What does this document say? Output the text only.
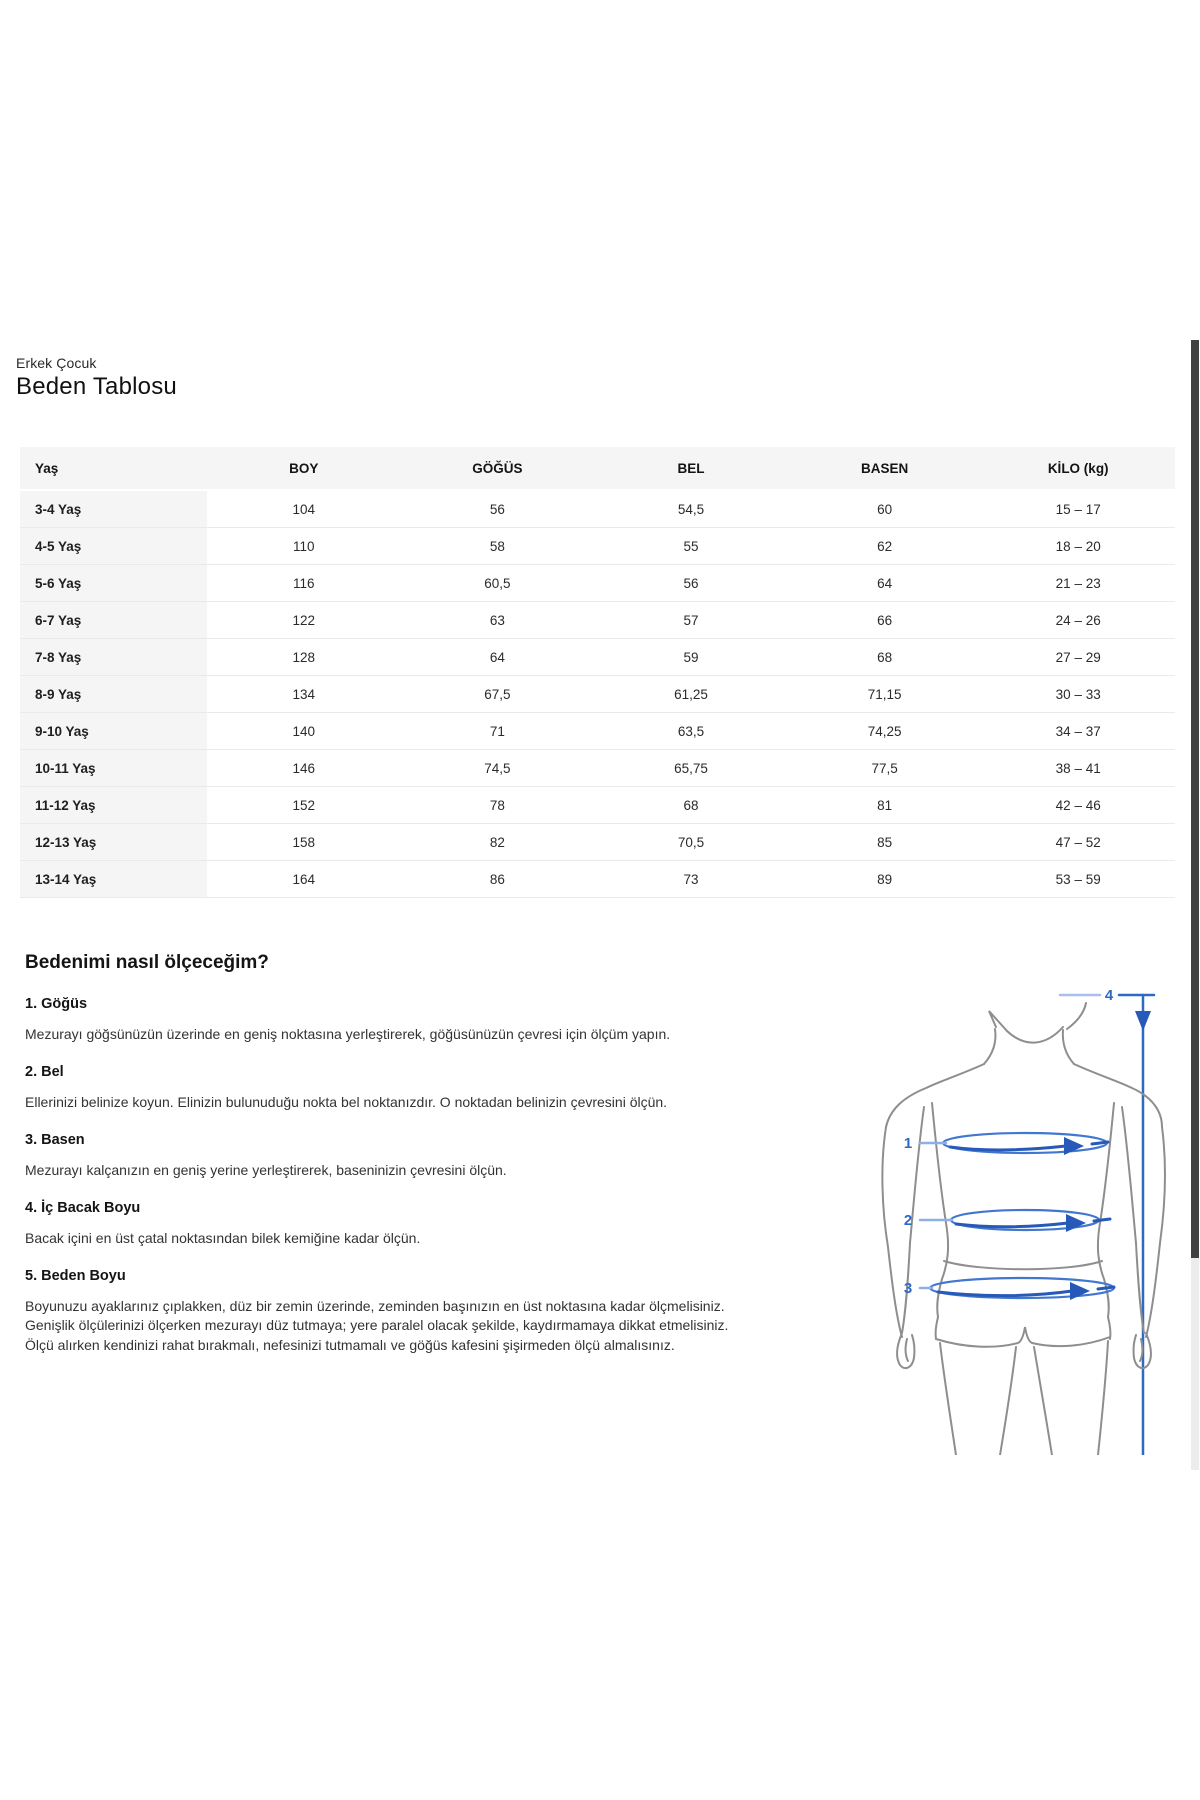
Erkek Çocuk
Beden Tablosu
Yaş	BOY	GÖĞÜS	BEL	BASEN	KİLO (kg)
3-4 Yaş	104	56	54,5	60	15 – 17
4-5 Yaş	110	58	55	62	18 – 20
5-6 Yaş	116	60,5	56	64	21 – 23
6-7 Yaş	122	63	57	66	24 – 26
7-8 Yaş	128	64	59	68	27 – 29
8-9 Yaş	134	67,5	61,25	71,15	30 – 33
9-10 Yaş	140	71	63,5	74,25	34 – 37
10-11 Yaş	146	74,5	65,75	77,5	38 – 41
11-12 Yaş	152	78	68	81	42 – 46
12-13 Yaş	158	82	70,5	85	47 – 52
13-14 Yaş	164	86	73	89	53 – 59
Bedenimi nasıl ölçeceğim?
1. Göğüs

Mezurayı göğsünüzün üzerinde en geniş noktasına yerleştirerek, göğüsünüzün çevresi için ölçüm yapın.

2. Bel

Ellerinizi belinize koyun. Elinizin bulunuduğu nokta bel noktanızdır. O noktadan belinizin çevresini ölçün.

3. Basen

Mezurayı kalçanızın en geniş yerine yerleştirerek, baseninizin çevresini ölçün.

4. İç Bacak Boyu

Bacak içini en üst çatal noktasından bilek kemiğine kadar ölçün.

5. Beden Boyu

Boyunuzu ayaklarınız çıplakken, düz bir zemin üzerinde, zeminden başınızın en üst noktasına kadar ölçmelisiniz. Genişlik ölçülerinizi ölçerken mezurayı düz tutmaya; yere paralel olacak şekilde, kaydırmamaya dikkat etmelisiniz. Ölçü alırken kendinizi rahat bırakmalı, nefesinizi tutmamalı ve göğüs kafesini şişirmeden ölçü almalısınız.

4
1
2
3
